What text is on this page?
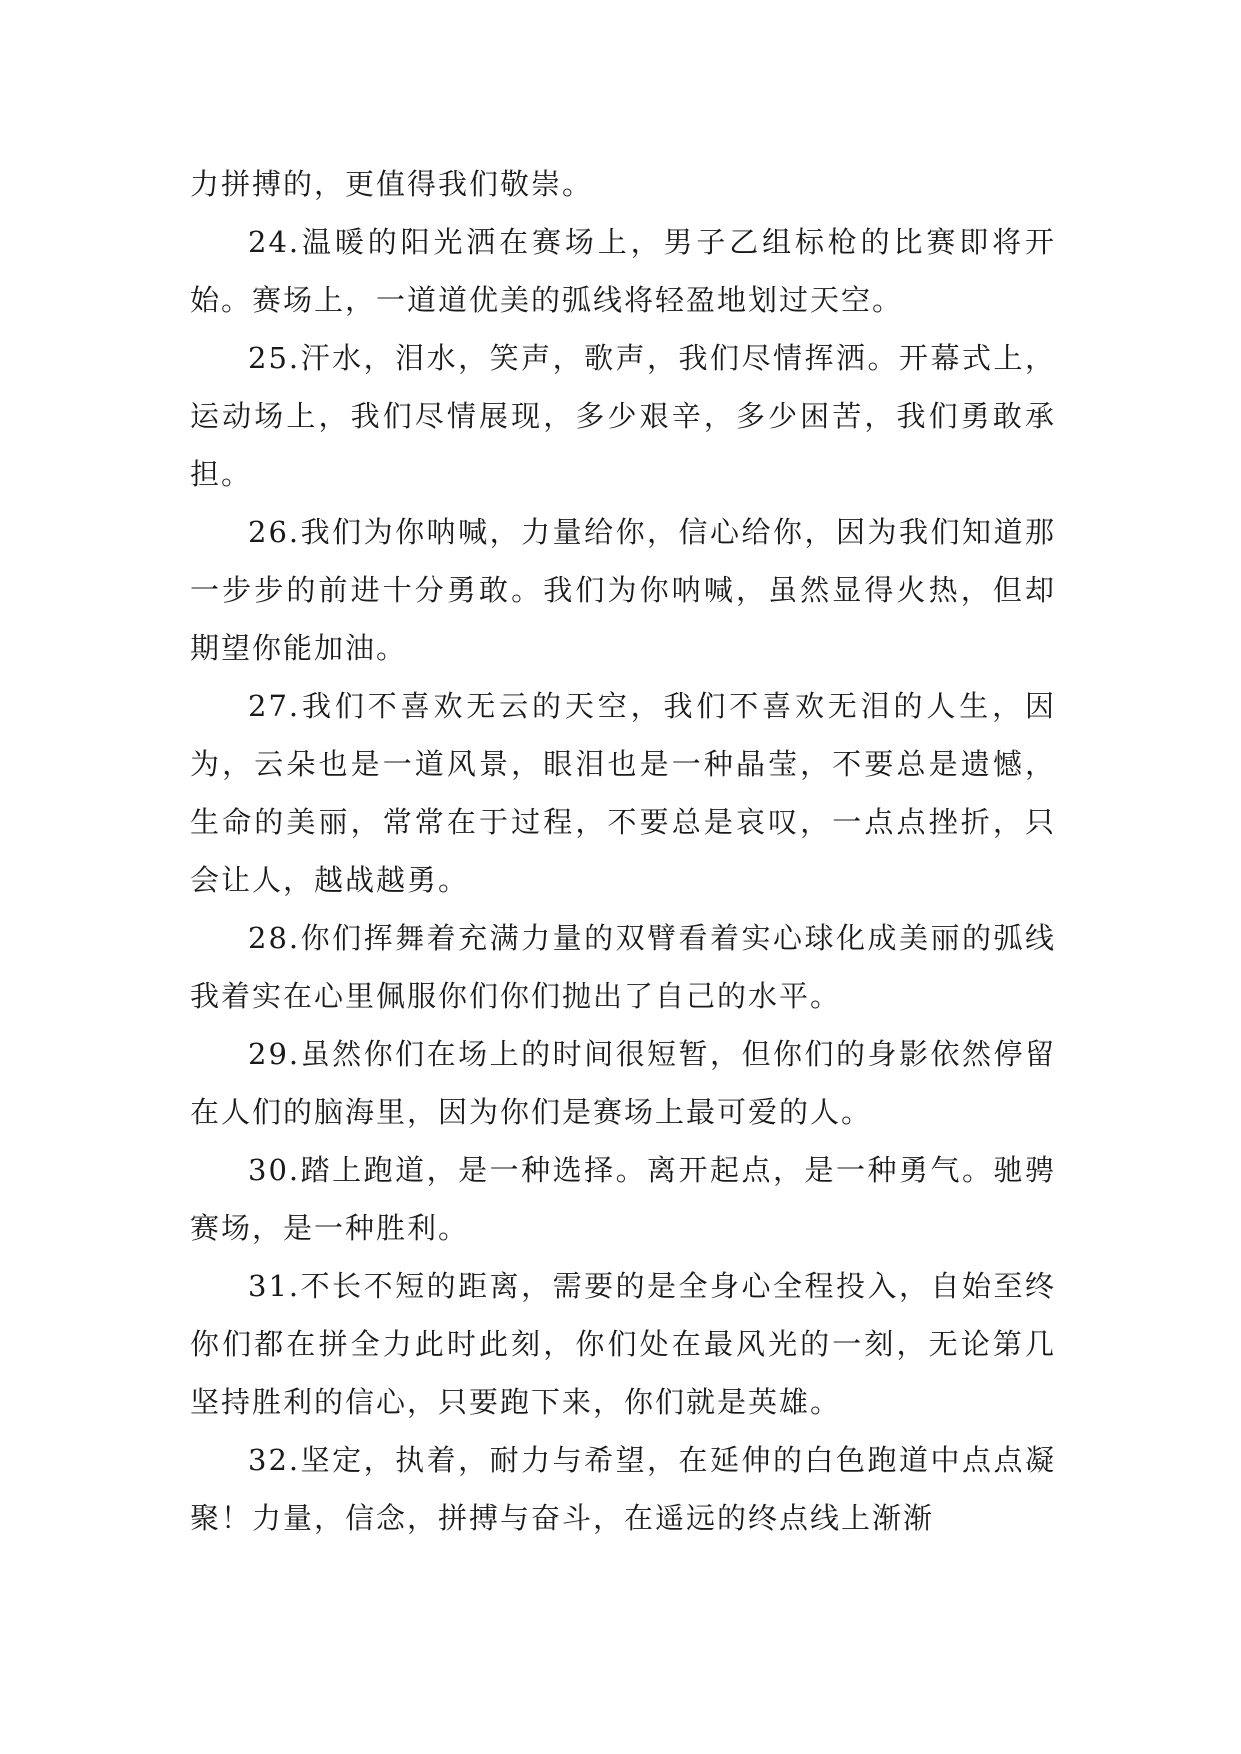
力拼搏的，更值得我们敬崇。

24.温暖的阳光洒在赛场上，男子乙组标枪的比赛即将开始。赛场上，一道道优美的弧线将轻盈地划过天空。

25.汗水，泪水，笑声，歌声，我们尽情挥洒。开幕式上，运动场上，我们尽情展现，多少艰辛，多少困苦，我们勇敢承担。

26.我们为你呐喊，力量给你，信心给你，因为我们知道那一步步的前进十分勇敢。我们为你呐喊，虽然显得火热，但却期望你能加油。

27.我们不喜欢无云的天空，我们不喜欢无泪的人生，因为，云朵也是一道风景，眼泪也是一种晶莹，不要总是遗憾，生命的美丽，常常在于过程，不要总是哀叹，一点点挫折，只会让人，越战越勇。

28.你们挥舞着充满力量的双臂看着实心球化成美丽的弧线我着实在心里佩服你们你们抛出了自己的水平。

29.虽然你们在场上的时间很短暂，但你们的身影依然停留在人们的脑海里，因为你们是赛场上最可爱的人。

30.踏上跑道，是一种选择。离开起点，是一种勇气。驰骋赛场，是一种胜利。

31.不长不短的距离，需要的是全身心全程投入，自始至终你们都在拼全力此时此刻，你们处在最风光的一刻，无论第几坚持胜利的信心，只要跑下来，你们就是英雄。

32.坚定，执着，耐力与希望，在延伸的白色跑道中点点凝聚！力量，信念，拼搏与奋斗，在遥远的终点线上渐渐
